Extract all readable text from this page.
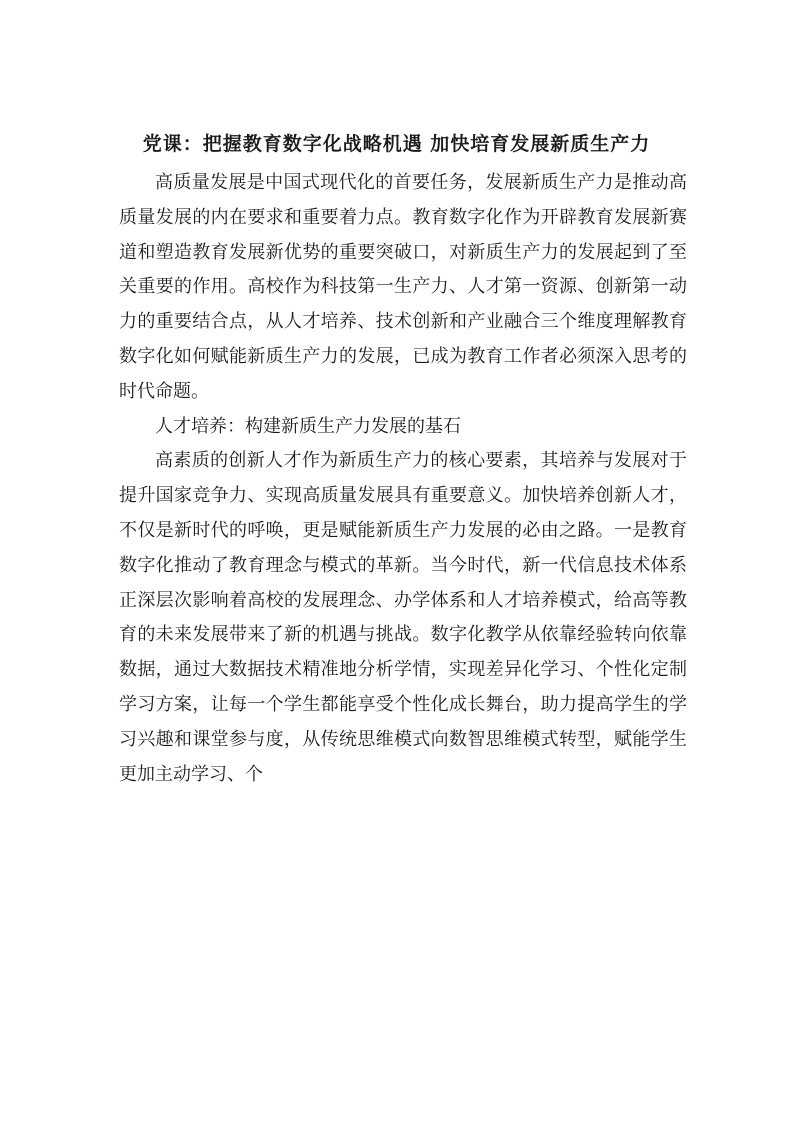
党课：把握教育数字化战略机遇 加快培育发展新质生产力

高质量发展是中国式现代化的首要任务，发展新质生产力是推动高质量发展的内在要求和重要着力点。教育数字化作为开辟教育发展新赛道和塑造教育发展新优势的重要突破口，对新质生产力的发展起到了至关重要的作用。高校作为科技第一生产力、人才第一资源、创新第一动力的重要结合点，从人才培养、技术创新和产业融合三个维度理解教育数字化如何赋能新质生产力的发展，已成为教育工作者必须深入思考的时代命题。

人才培养：构建新质生产力发展的基石

高素质的创新人才作为新质生产力的核心要素，其培养与发展对于提升国家竞争力、实现高质量发展具有重要意义。加快培养创新人才，不仅是新时代的呼唤，更是赋能新质生产力发展的必由之路。一是教育数字化推动了教育理念与模式的革新。当今时代，新一代信息技术体系正深层次影响着高校的发展理念、办学体系和人才培养模式，给高等教育的未来发展带来了新的机遇与挑战。数字化教学从依靠经验转向依靠数据，通过大数据技术精准地分析学情，实现差异化学习、个性化定制学习方案，让每一个学生都能享受个性化成长舞台，助力提高学生的学习兴趣和课堂参与度，从传统思维模式向数智思维模式转型，赋能学生更加主动学习、个
